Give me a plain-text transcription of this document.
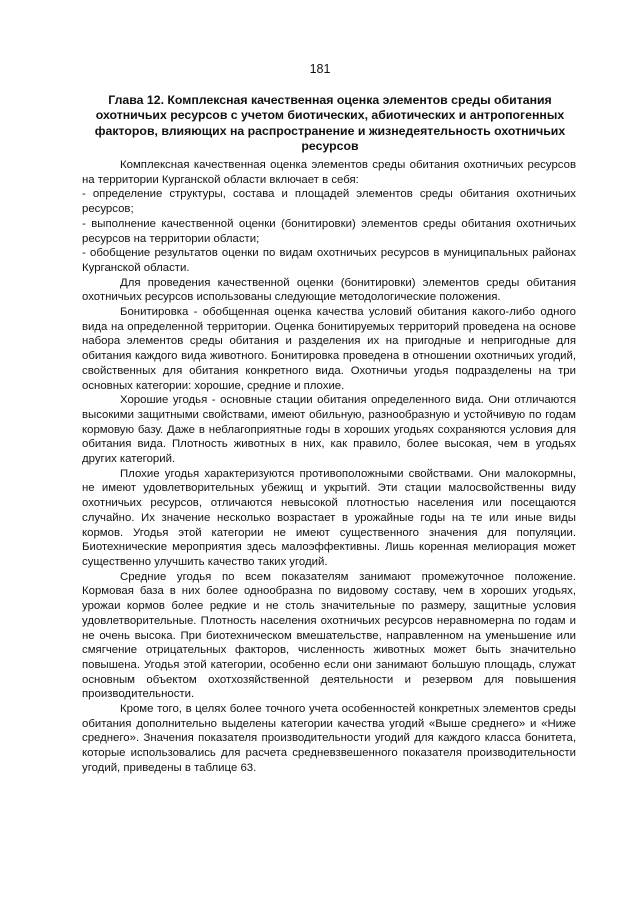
181
Глава 12. Комплексная качественная оценка элементов среды обитания охотничьих ресурсов с учетом биотических, абиотических и антропогенных факторов, влияющих на распространение и жизнедеятельность охотничьих ресурсов

Комплексная качественная оценка элементов среды обитания охотничьих ресурсов на территории Курганской области включает в себя:

- определение структуры, состава и площадей элементов среды обитания охотничьих ресурсов;

- выполнение качественной оценки (бонитировки) элементов среды обитания охотничьих ресурсов на территории области;

- обобщение результатов оценки по видам охотничьих ресурсов в муниципальных районах Курганской области.

Для проведения качественной оценки (бонитировки) элементов среды обитания охотничьих ресурсов использованы следующие методологические положения.

Бонитировка - обобщенная оценка качества условий обитания какого-либо одного вида на определенной территории. Оценка бонитируемых территорий проведена на основе набора элементов среды обитания и разделения их на пригодные и непригодные для обитания каждого вида животного. Бонитировка проведена в отношении охотничьих угодий, свойственных для обитания конкретного вида. Охотничьи угодья подразделены на три основных категории: хорошие, средние и плохие.

Хорошие угодья - основные стации обитания определенного вида. Они отличаются высокими защитными свойствами, имеют обильную, разнообразную и устойчивую по годам кормовую базу. Даже в неблагоприятные годы в хороших угодьях сохраняются условия для обитания вида. Плотность животных в них, как правило, более высокая, чем в угодьях других категорий.

Плохие угодья характеризуются противоположными свойствами. Они малокормны, не имеют удовлетворительных убежищ и укрытий. Эти стации малосвойственны виду охотничьих ресурсов, отличаются невысокой плотностью населения или посещаются случайно. Их значение несколько возрастает в урожайные годы на те или иные виды кормов. Угодья этой категории не имеют существенного значения для популяции. Биотехнические мероприятия здесь малоэффективны. Лишь коренная мелиорация может существенно улучшить качество таких угодий.

Средние угодья по всем показателям занимают промежуточное положение. Кормовая база в них более однообразна по видовому составу, чем в хороших угодьях, урожаи кормов более редкие и не столь значительные по размеру, защитные условия удовлетворительные. Плотность населения охотничьих ресурсов неравномерна по годам и не очень высока. При биотехническом вмешательстве, направленном на уменьшение или смягчение отрицательных факторов, численность животных может быть значительно повышена. Угодья этой категории, особенно если они занимают большую площадь, служат основным объектом охотхозяйственной деятельности и резервом для повышения производительности.

Кроме того, в целях более точного учета особенностей конкретных элементов среды обитания дополнительно выделены категории качества угодий «Выше среднего» и «Ниже среднего». Значения показателя производительности угодий для каждого класса бонитета, которые использовались для расчета средневзвешенного показателя производительности угодий, приведены в таблице 63.
